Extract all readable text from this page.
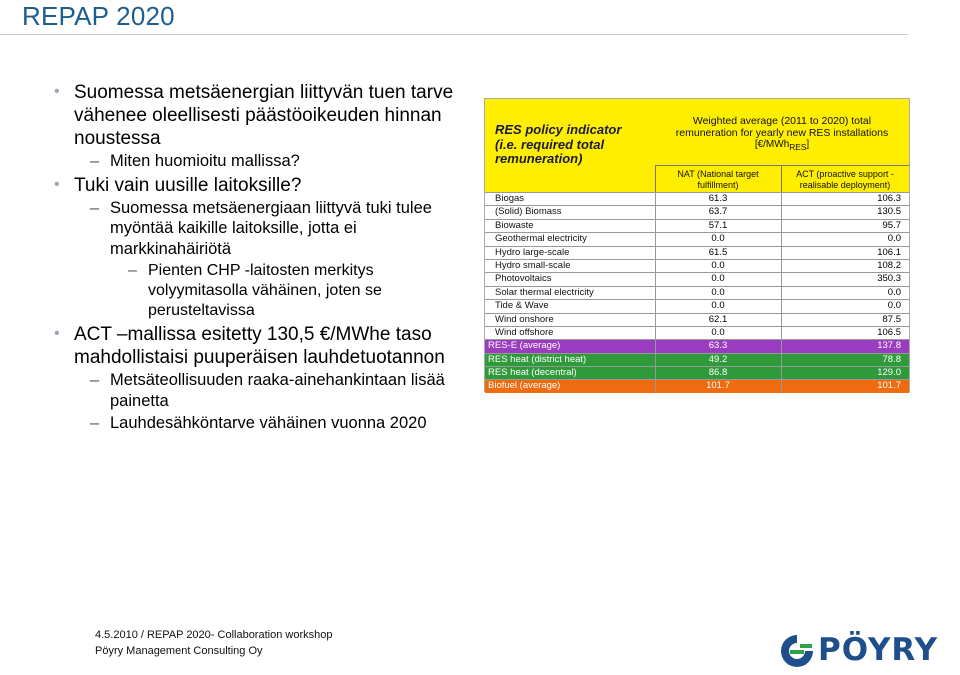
REPAP 2020
• Suomessa metsäenergian liittyvän tuen tarve vähenee oleellisesti päästöoikeuden hinnan noustessa
– Miten huomioitu mallissa?
• Tuki vain uusille laitoksille?
– Suomessa metsäenergiaan liittyvä tuki tulee myöntää kaikille laitoksille, jotta ei markkinahäiriötä
– Pienten CHP -laitosten merkitys volyymitasolla vähäinen, joten se perusteltavissa
• ACT –mallissa esitetty 130,5 €/MWhe taso mahdollistaisi puuperäisen lauhdetuotannon
– Metsäteollisuuden raaka-ainehankintaan lisää painetta
– Lauhdesähköntarve vähäinen vuonna 2020
RES policy indicator
(i.e. required total
remuneration)
Weighted average (2011 to 2020) total
remuneration for yearly new RES installations
[€/MWh$_{RES}$]
NAT (National target
fulfillment)
ACT (proactive support -
realisable deployment)
Biogas	61.3	106.3
(Solid) Biomass	63.7	130.5
Biowaste	57.1	95.7
Geothermal electricity	0.0	0.0
Hydro large-scale	61.5	106.1
Hydro small-scale	0.0	108.2
Photovoltaics	0.0	350.3
Solar thermal electricity	0.0	0.0
Tide & Wave	0.0	0.0
Wind onshore	62.1	87.5
Wind offshore	0.0	106.5
RES-E (average)	63.3	137.8
RES heat (district heat)	49.2	78.8
RES heat (decentral)	86.8	129.0
Biofuel (average)	101.7	101.7
4.5.2010 / REPAP 2020- Collaboration workshop
Pöyry Management Consulting Oy	PÖYRY
